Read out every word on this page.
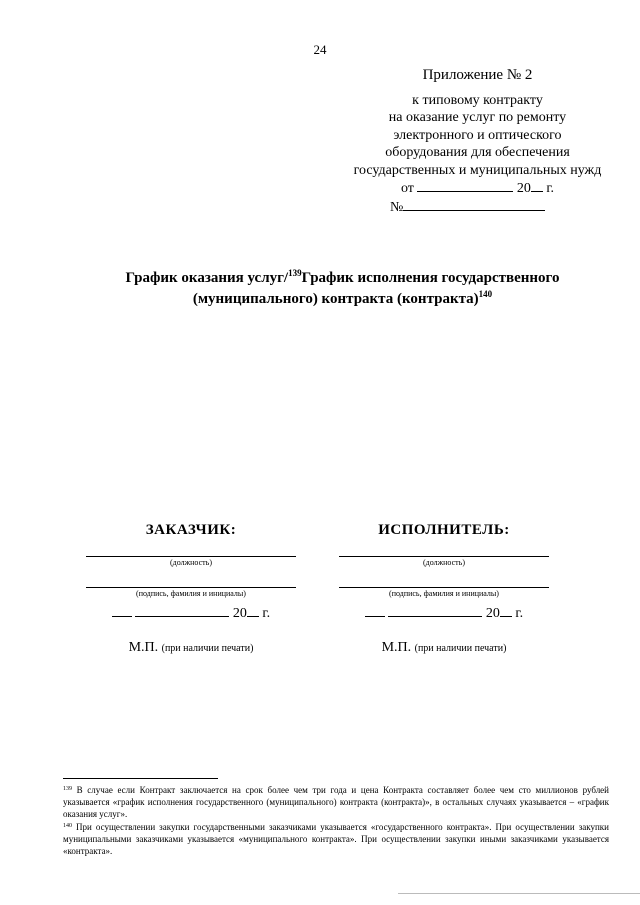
24
Приложение № 2
к типовому контракту
на оказание услуг по ремонту
электронного и оптического
оборудования для обеспечения
государственных и муниципальных нужд
от	20 г.
№
График оказания услуг/$^{139}$График исполнения государственного
(муниципального) контракта (контракта)$^{140}$
ЗАКАЗЧИК:
(должность)
(подпись, фамилия и инициалы)
20 г.
М.П. (при наличии печати)
ИСПОЛНИТЕЛЬ:
(должность)
(подпись, фамилия и инициалы)
20 г.
М.П. (при наличии печати)

$^{139}$ В случае если Контракт заключается на срок более чем три года и цена Контракта составляет более чем сто миллионов рублей указывается «график исполнения государственного (муниципального) контракта (контракта)», в остальных случаях указывается – «график оказания услуг».

$^{140}$ При осуществлении закупки государственными заказчиками указывается «государственного контракта». При осуществлении закупки муниципальными заказчиками указывается «муниципального контракта». При осуществлении закупки иными заказчиками указывается «контракта».
